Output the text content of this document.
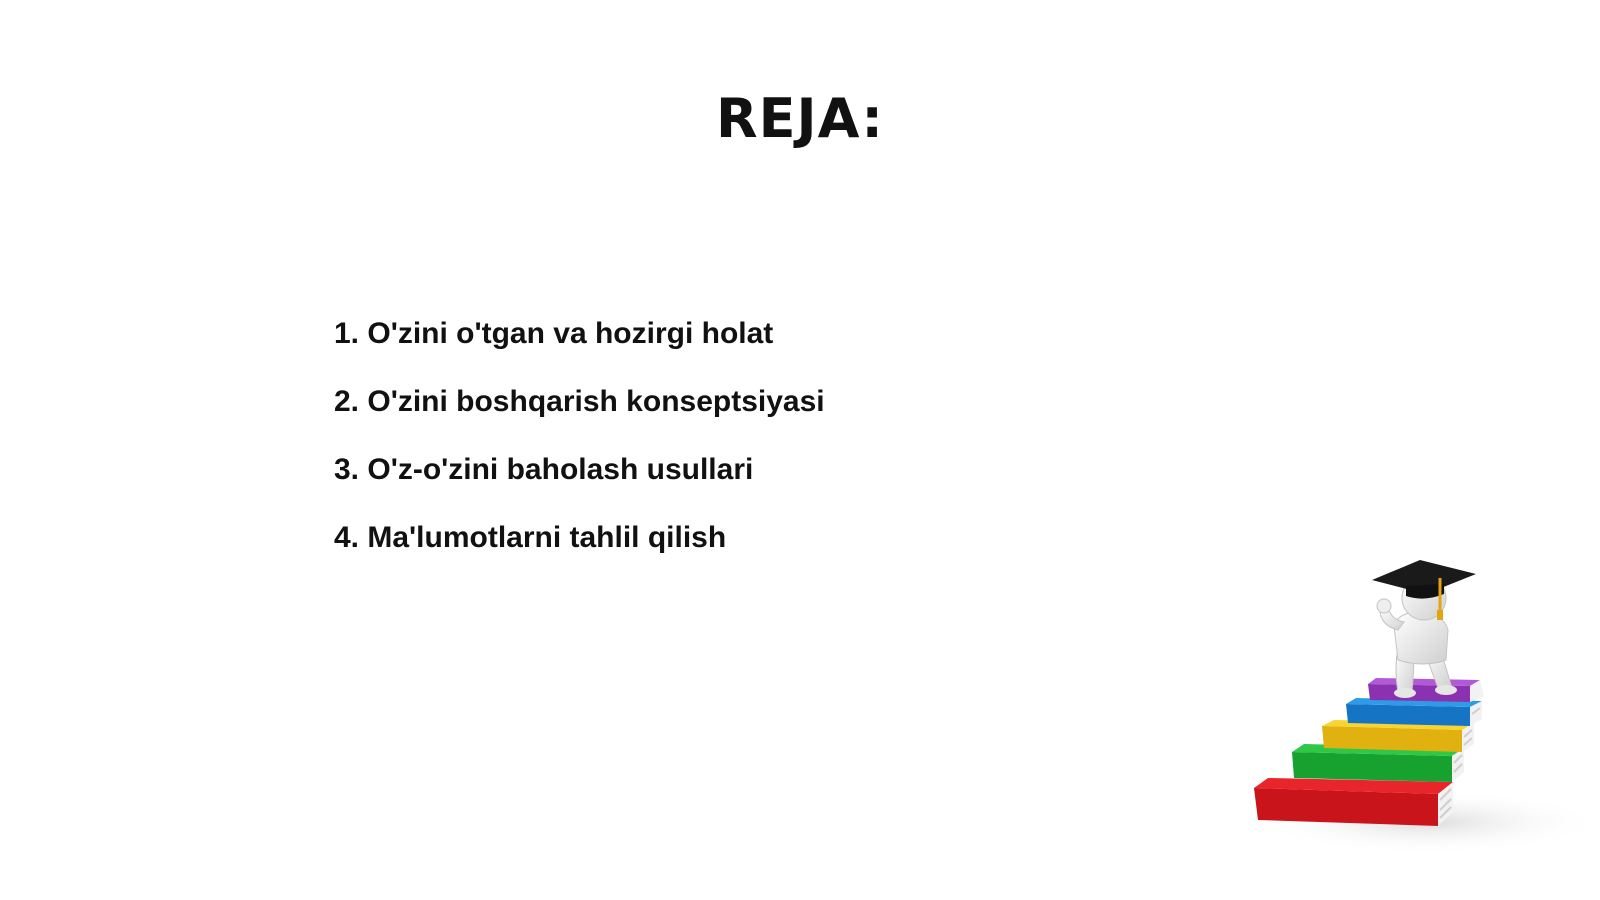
REJA:
1. O'zini o'tgan va hozirgi holat
2. O'zini boshqarish konseptsiyasi
3. O'z-o'zini baholash usullari
4. Ma'lumotlarni tahlil qilish
